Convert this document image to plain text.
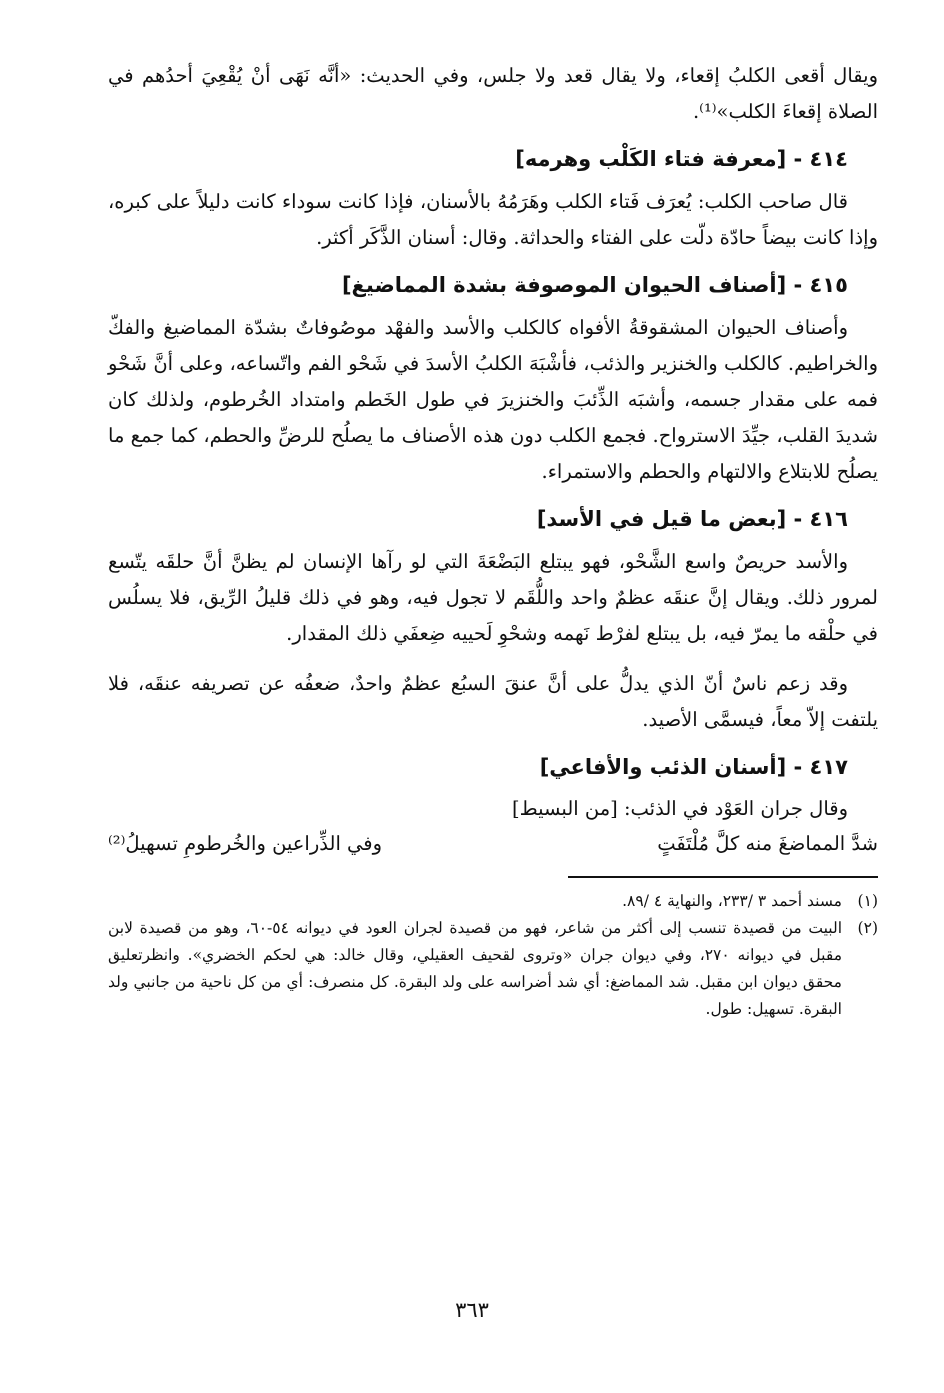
ويقال أقعى الكلبُ إقعاء، ولا يقال قعد ولا جلس، وفي الحديث: «أنَّه نَهَى أنْ يُقْعِيَ أحدُهم في الصلاة إقعاءَ الكلب»⁽¹⁾.

٤١٤ - [معرفة فتاء الكَلْب وهرمه]

قال صاحب الكلب: يُعرَف فَتاء الكلب وهَرَمُهُ بالأسنان، فإذا كانت سوداء كانت دليلاً على كبره، وإذا كانت بيضاً حادّة دلّت على الفتاء والحداثة. وقال: أسنان الذَّكَر أكثر.

٤١٥ - [أصناف الحيوان الموصوفة بشدة المماضيغ]

وأصناف الحيوان المشقوقةُ الأفواه كالكلب والأسد والفهْد موصُوفاتٌ بشدّة المماضيغ والفكّ والخراطيم. كالكلب والخنزير والذئب، فأشْبَهَ الكلبُ الأسدَ في شَحْو الفم واتّساعه، وعلى أنَّ شَحْو فمه على مقدار جسمه، وأشبَه الذِّئبَ والخنزيرَ في طول الخَطم وامتداد الخُرطوم، ولذلك كان شديدَ القلب، جيِّدَ الاسترواح. فجمع الكلب دون هذه الأصناف ما يصلُح للرضِّ والحطم، كما جمع ما يصلُح للابتلاع والالتهام والحطم والاستمراء.

٤١٦ - [بعض ما قيل في الأسد]

والأسد حريصٌ واسع الشَّحْو، فهو يبتلع البَضْعَةَ التي لو رآها الإنسان لم يظنَّ أنَّ حلقَه يتّسع لمرور ذلك. ويقال إنَّ عنقَه عظمٌ واحد واللُّقَم لا تجول فيه، وهو في ذلك قليلُ الرِّيق، فلا يسلُس في حلْقه ما يمرّ فيه، بل يبتلع لفرْط نَهمه وشحْوِ لَحييه ضِعفَي ذلك المقدار.

وقد زعم ناسٌ أنّ الذي يدلُّ على أنَّ عنقَ السبُع عظمٌ واحدٌ، ضعفُه عن تصريفه عنقَه، فلا يلتفت إلاّ معاً، فيسمَّى الأصيد.

٤١٧ - [أسنان الذئب والأفاعي]

وقال جران العَوْد في الذئب: [من البسيط]

شدَّ المماضغَ منه كلَّ مُلْتَفَتٍ
وفي الذِّراعين والخُرطومِ تسهيلُ⁽²⁾

(١)
مسند أحمد ٣ /٢٣٣، والنهاية ٤ /٨٩.

(٢)
البيت من قصيدة تنسب إلى أكثر من شاعر، فهو من قصيدة لجران العود في ديوانه ٥٤-٦٠، وهو من قصيدة لابن مقبل في ديوانه ٢٧٠، وفي ديوان جران «وتروى لقحيف العقيلي، وقال خالد: هي لحكم الخضري». وانظرتعليق محقق ديوان ابن مقبل. شد المماضغ: أي شد أضراسه على ولد البقرة. كل منصرف: أي من كل ناحية من جانبي ولد البقرة. تسهيل: طول.

٣٦٣
